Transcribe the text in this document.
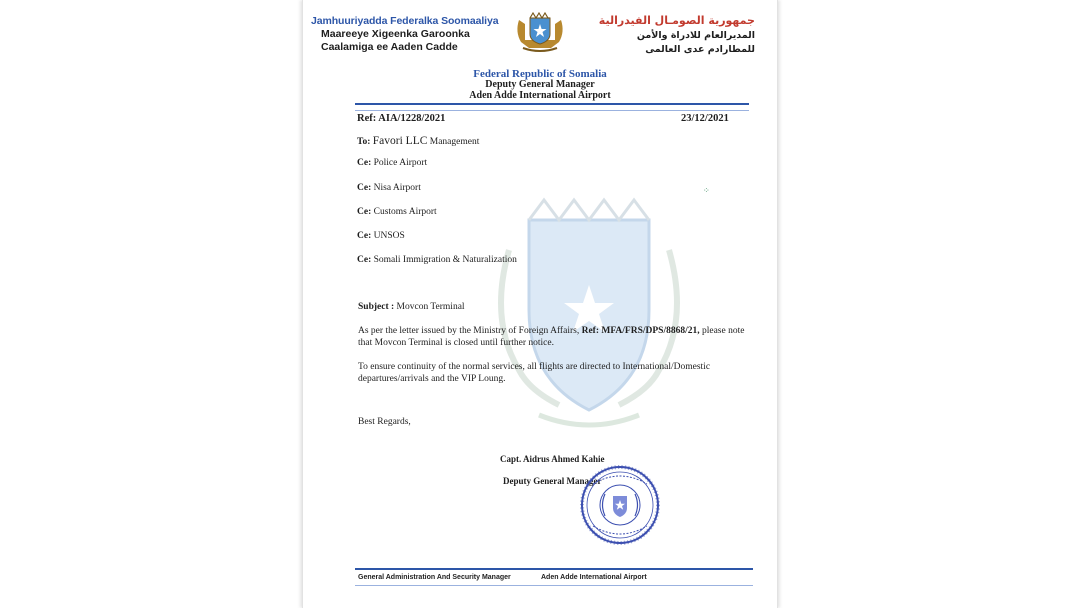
Jamhuuriyadda Federalka Soomaaliya
Maareeye Xigeenka Garoonka
Caalamiga ee Aaden Cadde
جمهورية الصومـال الفيدرالية
المديرالعام للادراة والأمن
للمطارادم عدى العالمى
Federal Republic of Somalia
Deputy General Manager
Aden Adde International Airport
Ref: AIA/1228/2021	23/12/2021
To: Favori LLC Management
Ce: Police Airport
Ce: Nisa Airport
Ce: Customs Airport
Ce: UNSOS
Ce: Somali Immigration & Naturalization
⁘
Subject : Movcon Terminal
As per the letter issued by the Ministry of Foreign Affairs, Ref: MFA/FRS/DPS/8868/21, please note
that Movcon Terminal is closed until further notice.
To ensure continuity of the normal services, all flights are directed to International/Domestic
departures/arrivals and the VIP Loung.
Best Regards,
Capt. Aidrus Ahmed Kahie
Deputy General Manager
General Administration And Security Manager	Aden Adde International Airport
